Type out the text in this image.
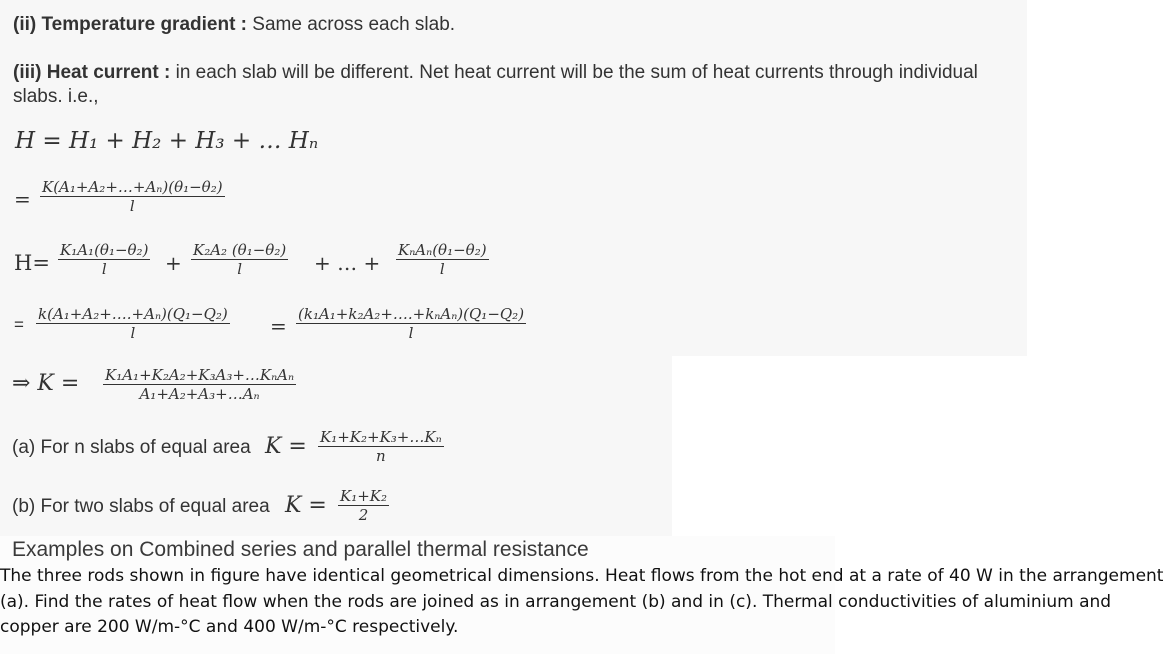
(ii) Temperature gradient : Same across each slab.
(iii) Heat current : in each slab will be different. Net heat current will be the sum of heat currents through individual
slabs. i.e.,
H = H₁ + H₂ + H₃ + … Hₙ
= $\frac{\text{K(A₁+A₂+…+Aₙ)(θ₁−θ₂)}}{l}$
$H= \frac{\text{K₁A₁(θ₁−θ₂)}}{l} + \frac{\text{K₂A₂ (θ₁−θ₂)}}{l}$ + … +
KₙAₙ(θ₁−θ₂)
l
= $\frac{\text{k(A₁+A₂+….+Aₙ)(Q₁−Q₂)}}{l}$ = (k₁A₁+k₂A₂+….+kₙAₙ)(Q₁−Q₂)
l
⇒ K = K₁A₁+K₂A₂+K₃A₃+…KₙAₙ
A₁+A₂+A₃+…Aₙ
(a) For n slabs of equal area $K = \frac{\text{K₁+K₂+K₃+…Kₙ}}{n}$
(b) For two slabs of equal area $K = \frac{\text{K₁+K₂}}{2}$
Examples on Combined series and parallel thermal resistance
The three rods shown in figure have identical geometrical dimensions. Heat flows from the hot end at a rate of 40 W in the arrangement (a). Find the rates of heat flow when the rods are joined as in arrangement (b) and in (c). Thermal conductivities of aluminium and copper are 200 W/m-°C and 400 W/m-°C respectively.
